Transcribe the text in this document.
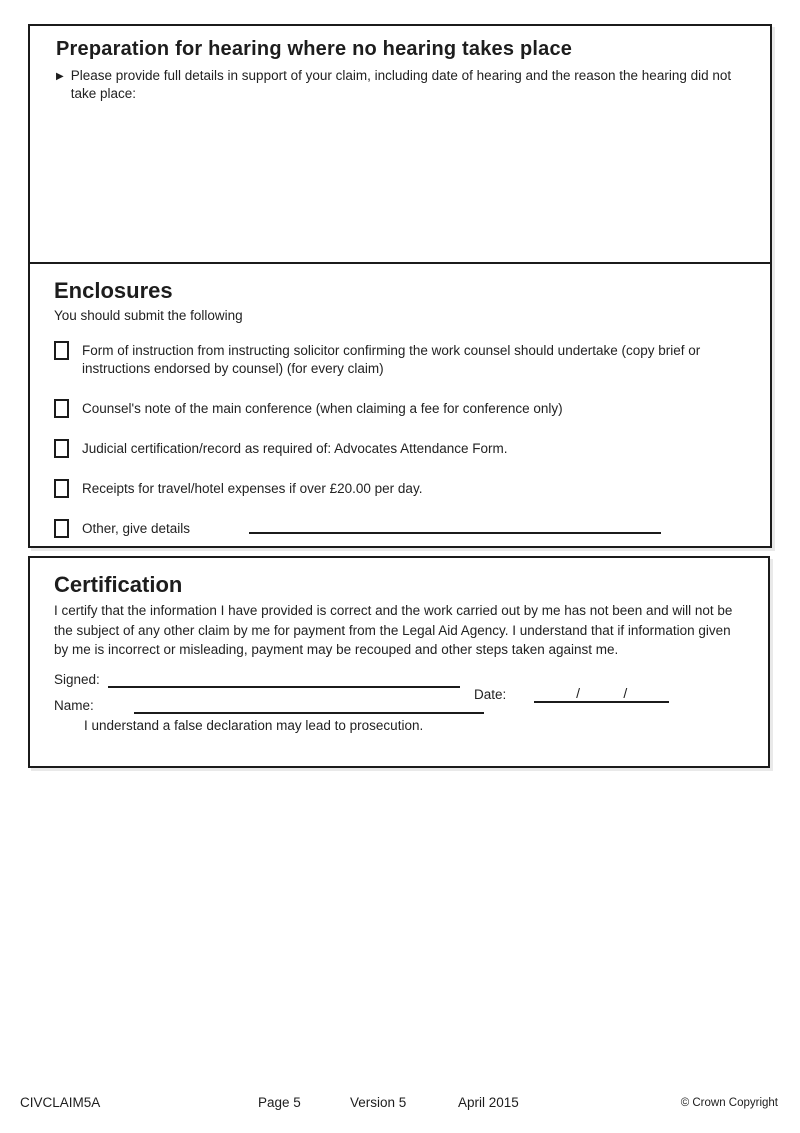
Preparation for hearing where no hearing takes place
▶ Please provide full details in support of your claim, including date of hearing and the reason the hearing did not take place:
Enclosures
You should submit the following
Form of instruction from instructing solicitor confirming the work counsel should undertake (copy brief or instructions endorsed by counsel) (for every claim)
Counsel's note of the main conference (when claiming a fee for conference only)
Judicial certification/record as required of: Advocates Attendance Form.
Receipts for travel/hotel expenses if over £20.00 per day.
Other, give details
Certification

I certify that the information I have provided is correct and the work carried out by me has not been and will not be the subject of any other claim by me for payment from the Legal Aid Agency. I understand that if information given by me is incorrect or misleading, payment may be recouped and other steps taken against me.

Signed:
Date:	/	/
Name:
I understand a false declaration may lead to prosecution.
CIVCLAIM5A	Page 5	Version 5	April 2015	© Crown Copyright
